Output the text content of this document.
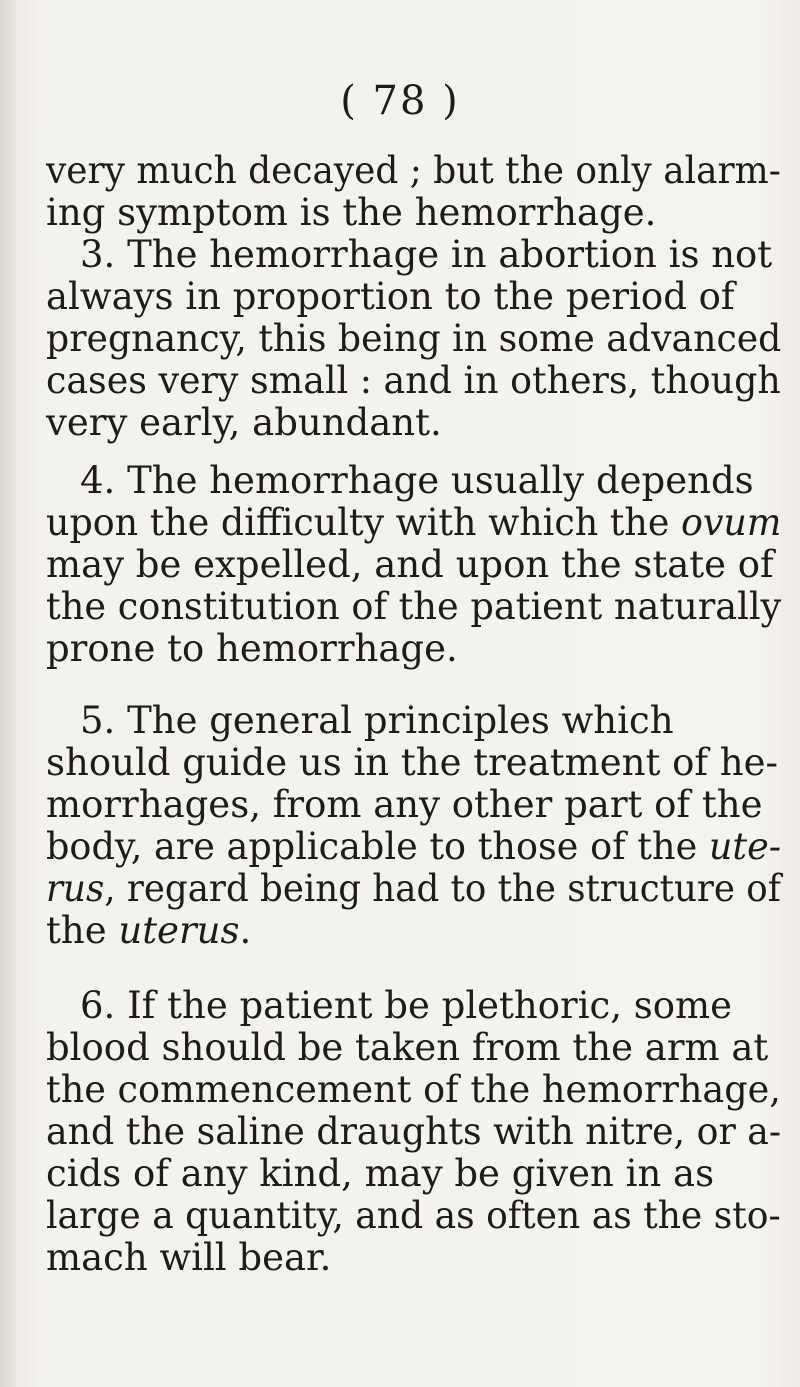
( 78 )
very much decayed ; but the only alarm-
ing symptom is the hemorrhage.
3. The hemorrhage in abortion is not
always in proportion to the period of
pregnancy, this being in some advanced
cases very small : and in others, though
very early, abundant.
4. The hemorrhage usually depends
upon the difficulty with which the ovum
may be expelled, and upon the state of
the constitution of the patient naturally
prone to hemorrhage.
5. The general principles which
should guide us in the treatment of he-
morrhages, from any other part of the
body, are applicable to those of the ute-
rus, regard being had to the structure of
the uterus.
6. If the patient be plethoric, some
blood should be taken from the arm at
the commencement of the hemorrhage,
and the saline draughts with nitre, or a-
cids of any kind, may be given in as
large a quantity, and as often as the sto-
mach will bear.
